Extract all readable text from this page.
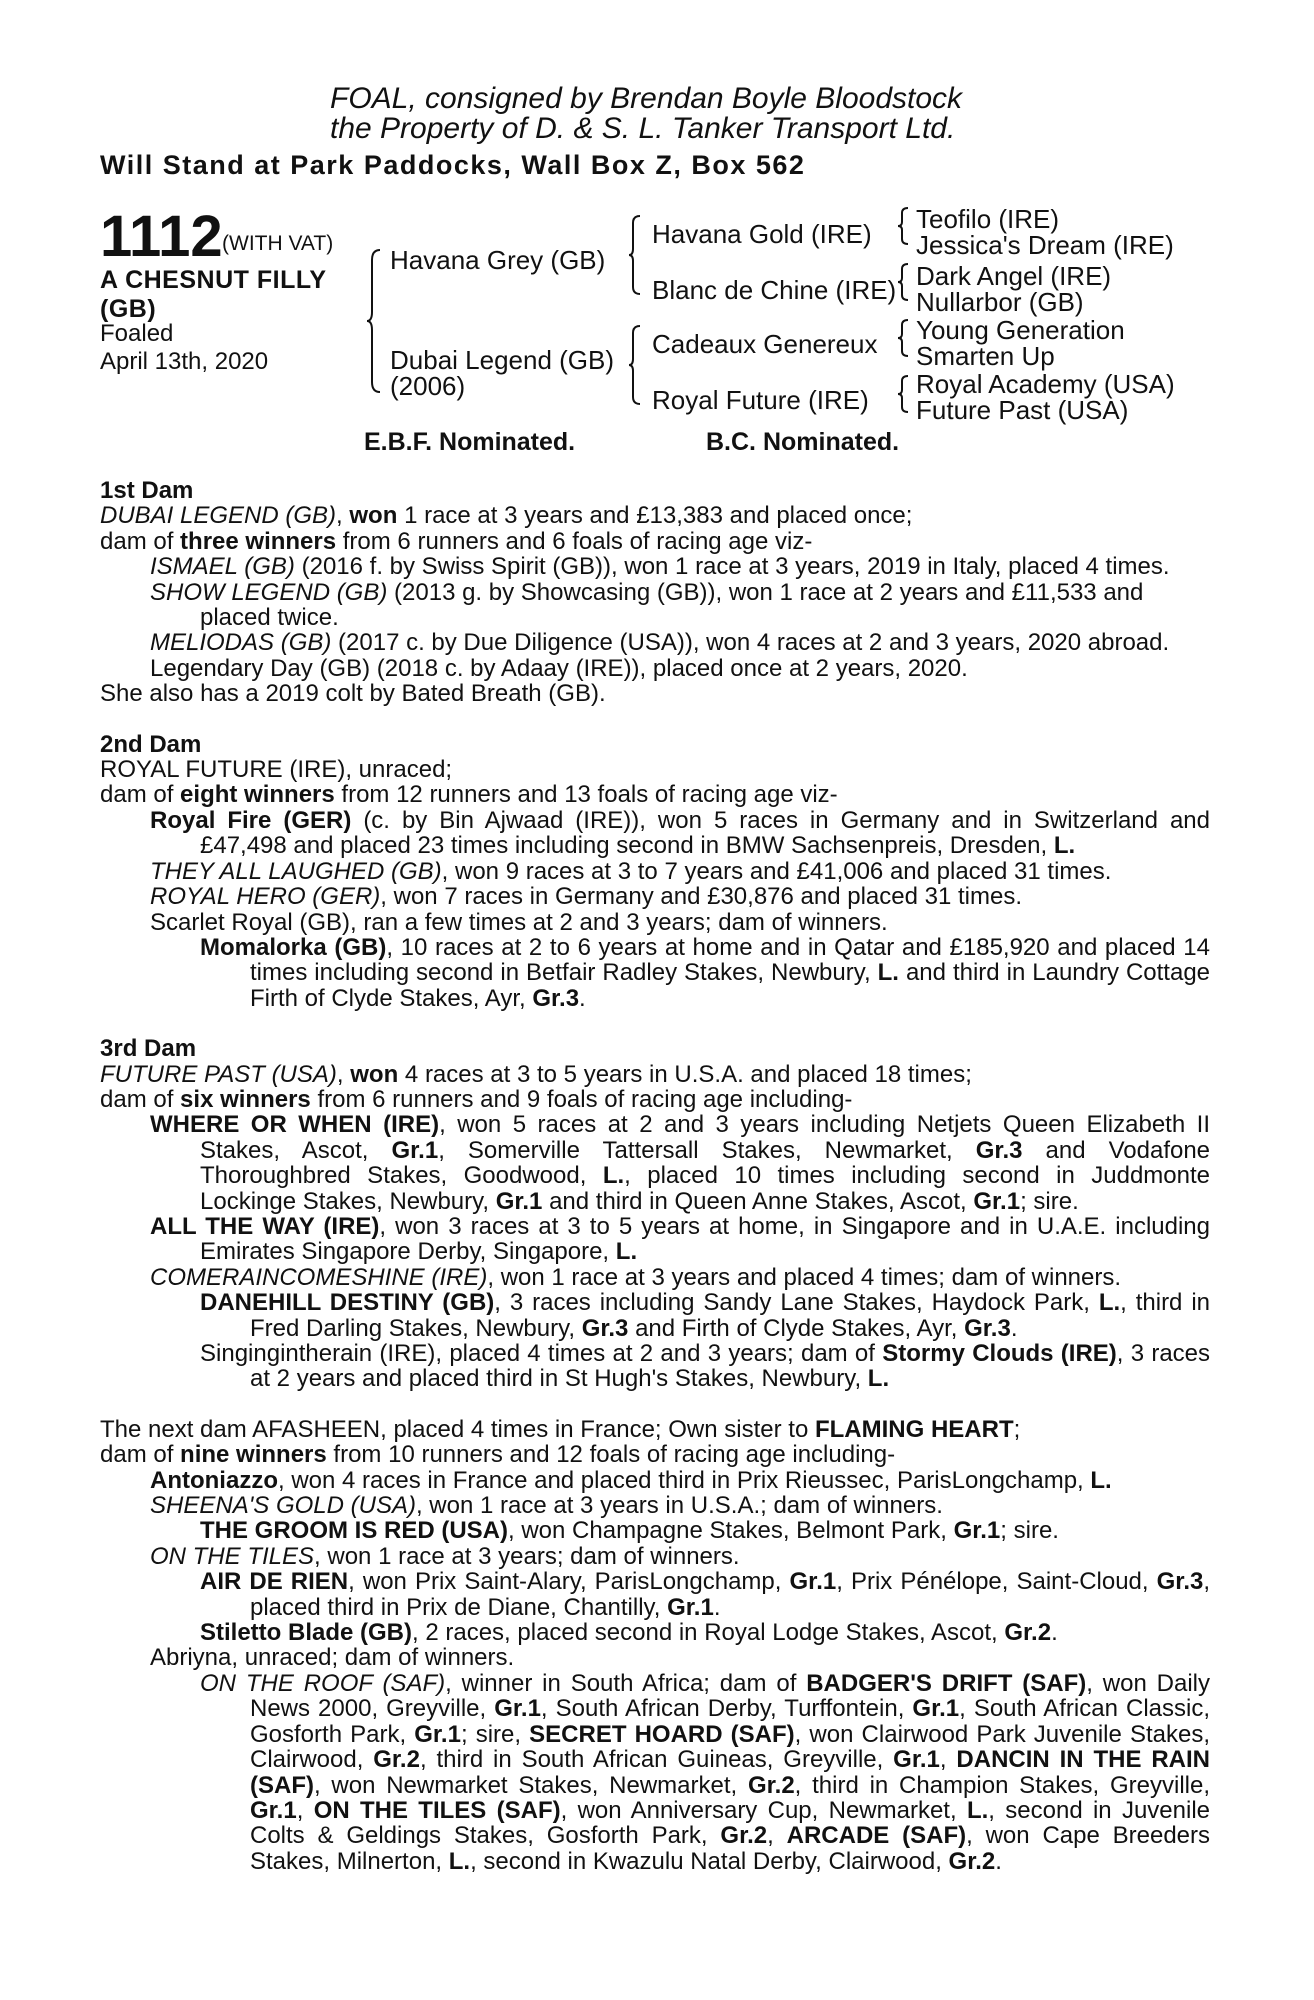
FOAL, consigned by Brendan Boyle Bloodstock
the Property of D. & S. L. Tanker Transport Ltd.
Will Stand at Park Paddocks, Wall Box Z, Box 562
1112 (WITH VAT)
A CHESNUT FILLY
(GB)
Foaled
April 13th, 2020
Havana Grey (GB)
Dubai Legend (GB)
(2006)
Havana Gold (IRE)
Blanc de Chine (IRE)
Cadeaux Genereux
Royal Future (IRE)
Teofilo (IRE)
Jessica's Dream (IRE)
Dark Angel (IRE)
Nullarbor (GB)
Young Generation
Smarten Up
Royal Academy (USA)
Future Past (USA)
E.B.F. Nominated.	B.C. Nominated.

1st Dam

DUBAI LEGEND (GB), won 1 race at 3 years and £13,383 and placed once;

dam of three winners from 6 runners and 6 foals of racing age viz-

ISMAEL (GB) (2016 f. by Swiss Spirit (GB)), won 1 race at 3 years, 2019 in Italy, placed 4 times.

SHOW LEGEND (GB) (2013 g. by Showcasing (GB)), won 1 race at 2 years and £11,533 and placed twice.

MELIODAS (GB) (2017 c. by Due Diligence (USA)), won 4 races at 2 and 3 years, 2020 abroad.

Legendary Day (GB) (2018 c. by Adaay (IRE)), placed once at 2 years, 2020.

She also has a 2019 colt by Bated Breath (GB).

2nd Dam

ROYAL FUTURE (IRE), unraced;

dam of eight winners from 12 runners and 13 foals of racing age viz-

Royal Fire (GER) (c. by Bin Ajwaad (IRE)), won 5 races in Germany and in Switzerland and £47,498 and placed 23 times including second in BMW Sachsenpreis, Dresden, L.

THEY ALL LAUGHED (GB), won 9 races at 3 to 7 years and £41,006 and placed 31 times.

ROYAL HERO (GER), won 7 races in Germany and £30,876 and placed 31 times.

Scarlet Royal (GB), ran a few times at 2 and 3 years; dam of winners.

Momalorka (GB), 10 races at 2 to 6 years at home and in Qatar and £185,920 and placed 14 times including second in Betfair Radley Stakes, Newbury, L. and third in Laundry Cottage Firth of Clyde Stakes, Ayr, Gr.3.

3rd Dam

FUTURE PAST (USA), won 4 races at 3 to 5 years in U.S.A. and placed 18 times;

dam of six winners from 6 runners and 9 foals of racing age including-

WHERE OR WHEN (IRE), won 5 races at 2 and 3 years including Netjets Queen Elizabeth II Stakes, Ascot, Gr.1, Somerville Tattersall Stakes, Newmarket, Gr.3 and Vodafone Thoroughbred Stakes, Goodwood, L., placed 10 times including second in Juddmonte Lockinge Stakes, Newbury, Gr.1 and third in Queen Anne Stakes, Ascot, Gr.1; sire.

ALL THE WAY (IRE), won 3 races at 3 to 5 years at home, in Singapore and in U.A.E. including Emirates Singapore Derby, Singapore, L.

COMERAINCOMESHINE (IRE), won 1 race at 3 years and placed 4 times; dam of winners.

DANEHILL DESTINY (GB), 3 races including Sandy Lane Stakes, Haydock Park, L., third in Fred Darling Stakes, Newbury, Gr.3 and Firth of Clyde Stakes, Ayr, Gr.3.

Singingintherain (IRE), placed 4 times at 2 and 3 years; dam of Stormy Clouds (IRE), 3 races at 2 years and placed third in St Hugh's Stakes, Newbury, L.

The next dam AFASHEEN, placed 4 times in France; Own sister to FLAMING HEART;

dam of nine winners from 10 runners and 12 foals of racing age including-

Antoniazzo, won 4 races in France and placed third in Prix Rieussec, ParisLongchamp, L.

SHEENA'S GOLD (USA), won 1 race at 3 years in U.S.A.; dam of winners.

THE GROOM IS RED (USA), won Champagne Stakes, Belmont Park, Gr.1; sire.

ON THE TILES, won 1 race at 3 years; dam of winners.

AIR DE RIEN, won Prix Saint-Alary, ParisLongchamp, Gr.1, Prix Pénélope, Saint-Cloud, Gr.3, placed third in Prix de Diane, Chantilly, Gr.1.

Stiletto Blade (GB), 2 races, placed second in Royal Lodge Stakes, Ascot, Gr.2.

Abriyna, unraced; dam of winners.

ON THE ROOF (SAF), winner in South Africa; dam of BADGER'S DRIFT (SAF), won Daily News 2000, Greyville, Gr.1, South African Derby, Turffontein, Gr.1, South African Classic, Gosforth Park, Gr.1; sire, SECRET HOARD (SAF), won Clairwood Park Juvenile Stakes, Clairwood, Gr.2, third in South African Guineas, Greyville, Gr.1, DANCIN IN THE RAIN (SAF), won Newmarket Stakes, Newmarket, Gr.2, third in Champion Stakes, Greyville, Gr.1, ON THE TILES (SAF), won Anniversary Cup, Newmarket, L., second in Juvenile Colts & Geldings Stakes, Gosforth Park, Gr.2, ARCADE (SAF), won Cape Breeders Stakes, Milnerton, L., second in Kwazulu Natal Derby, Clairwood, Gr.2.
